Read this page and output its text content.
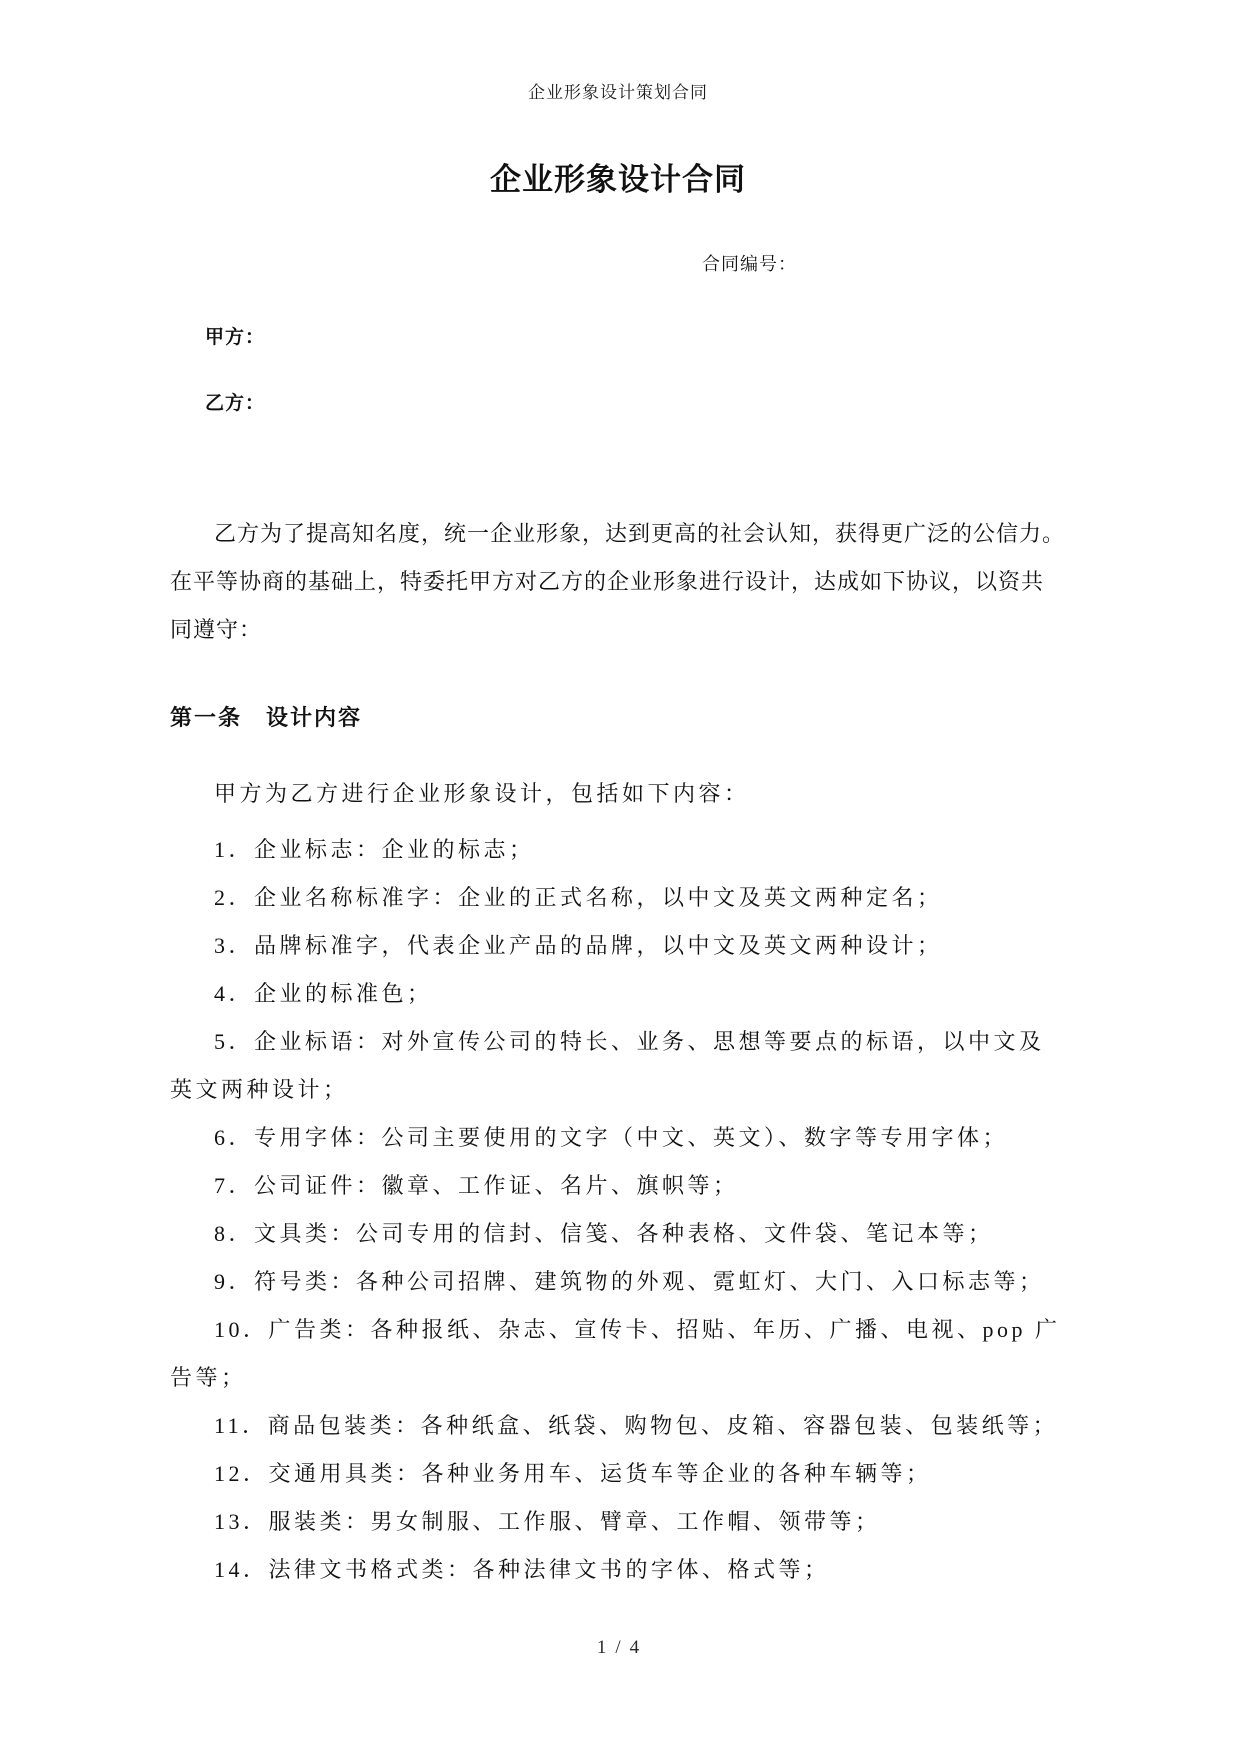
企业形象设计策划合同
企业形象设计合同
合同编号：
甲方：
乙方：

乙方为了提高知名度，统一企业形象，达到更高的社会认知，获得更广泛的公信力。在平等协商的基础上，特委托甲方对乙方的企业形象进行设计，达成如下协议，以资共同遵守：

第一条 设计内容

甲方为乙方进行企业形象设计，包括如下内容：

1．企业标志：企业的标志；

2．企业名称标准字：企业的正式名称，以中文及英文两种定名；

3．品牌标准字，代表企业产品的品牌，以中文及英文两种设计；

4．企业的标准色；

5．企业标语：对外宣传公司的特长、业务、思想等要点的标语，以中文及英文两种设计；

6．专用字体：公司主要使用的文字（中文、英文）、数字等专用字体；

7．公司证件：徽章、工作证、名片、旗帜等；

8．文具类：公司专用的信封、信笺、各种表格、文件袋、笔记本等；

9．符号类：各种公司招牌、建筑物的外观、霓虹灯、大门、入口标志等；

10．广告类：各种报纸、杂志、宣传卡、招贴、年历、广播、电视、pop 广告等；

11．商品包装类：各种纸盒、纸袋、购物包、皮箱、容器包装、包装纸等；

12．交通用具类：各种业务用车、运货车等企业的各种车辆等；

13．服装类：男女制服、工作服、臂章、工作帽、领带等；

14．法律文书格式类：各种法律文书的字体、格式等；

1 / 4
